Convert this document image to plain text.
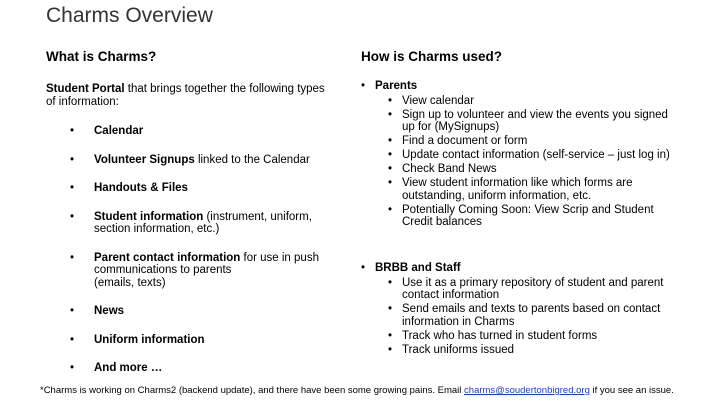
Charms Overview
What is Charms?
Student Portal that brings together the following types of information:
• Calendar
• Volunteer Signups linked to the Calendar
• Handouts & Files
• Student information (instrument, uniform, section information, etc.)
• Parent contact information for use in push communications to parents
(emails, texts)
• News
• Uniform information
• And more …
How is Charms used?
• Parents
• View calendar
• Sign up to volunteer and view the events you signed up for (MySignups)
• Find a document or form
• Update contact information (self-service – just log in)
• Check Band News
• View student information like which forms are outstanding, uniform information, etc.
• Potentially Coming Soon: View Scrip and Student Credit balances
• BRBB and Staff
• Use it as a primary repository of student and parent contact information
• Send emails and texts to parents based on contact information in Charms
• Track who has turned in student forms
• Track uniforms issued
*Charms is working on Charms2 (backend update), and there have been some growing pains. Email charms@soudertonbigred.org if you see an issue.
